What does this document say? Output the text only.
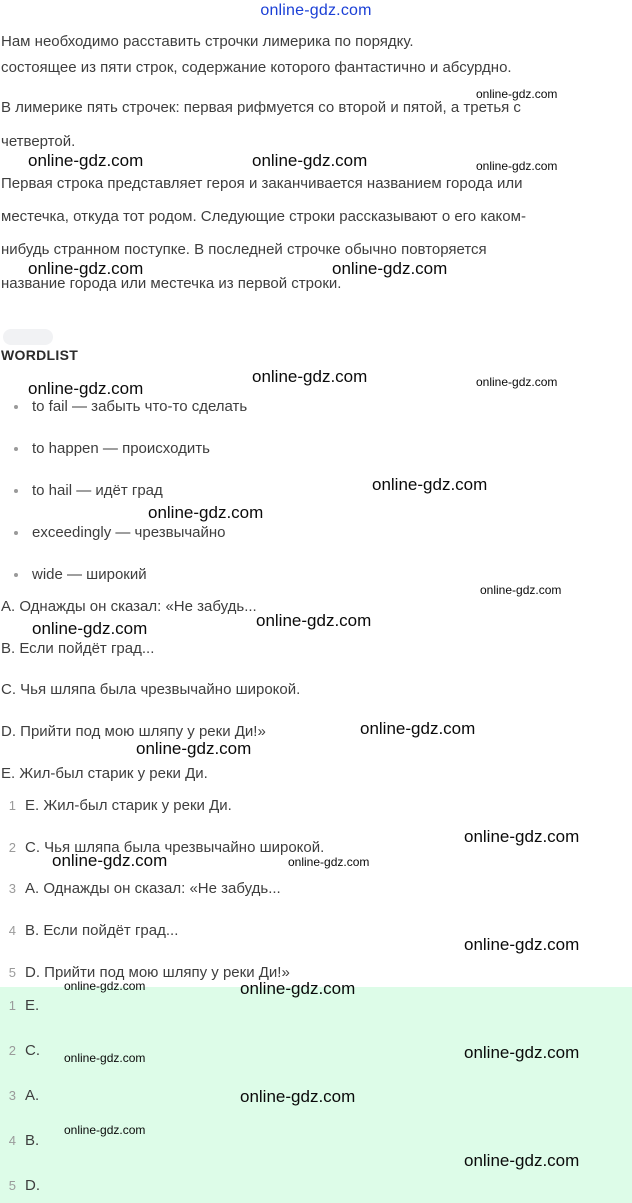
online-gdz.com
Нам необходимо расставить строчки лимерика по порядку.
состоящее из пяти строк, содержание которого фантастично и абсурдно.
В лимерике пять строчек: первая рифмуется со второй и пятой, а третья с
четвертой.
Первая строка представляет героя и заканчивается названием города или
местечка, откуда тот родом. Следующие строки рассказывают о его каком-
нибудь странном поступке. В последней строчке обычно повторяется
название города или местечка из первой строки.
WORDLIST
to fail — забыть что-то сделать
to happen — происходить
to hail — идёт град
exceedingly — чрезвычайно
wide — широкий
A. Однажды он сказал: «Не забудь...
B. Если пойдёт град...
C. Чья шляпа была чрезвычайно широкой.
D. Прийти под мою шляпу у реки Ди!»
E. Жил-был старик у реки Ди.
1 E. Жил-был старик у реки Ди.
2 C. Чья шляпа была чрезвычайно широкой.
3 A. Однажды он сказал: «Не забудь...
4 B. Если пойдёт град...
5 D. Прийти под мою шляпу у реки Ди!»
1 E.
2 C.
3 A.
4 B.
5 D.
online-gdz.com
online-gdz.com	online-gdz.com	online-gdz.com
online-gdz.com	online-gdz.com
online-gdz.com
online-gdz.com	online-gdz.com
online-gdz.com
online-gdz.com
online-gdz.com
online-gdz.com
online-gdz.com
online-gdz.com
online-gdz.com
online-gdz.com
online-gdz.com	online-gdz.com
online-gdz.com
online-gdz.com	online-gdz.com
online-gdz.com
online-gdz.com
online-gdz.com
online-gdz.com
online-gdz.com
